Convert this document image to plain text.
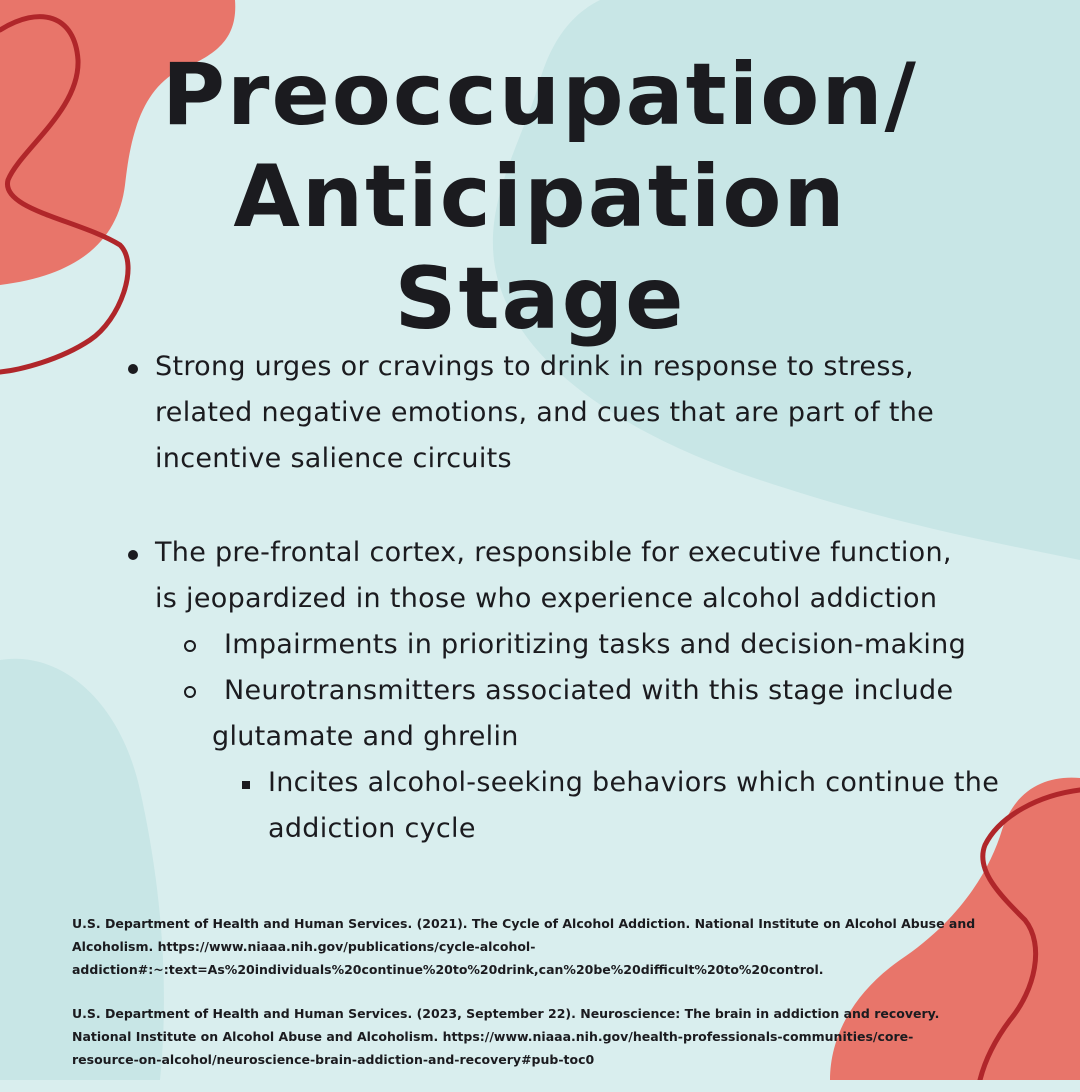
Preoccupation/
Anticipation
Stage
Strong urges or cravings to drink in response to stress,
related negative emotions, and cues that are part of the
incentive salience circuits
The pre-frontal cortex, responsible for executive function,
is jeopardized in those who experience alcohol addiction
Impairments in prioritizing tasks and decision-making
Neurotransmitters associated with this stage include
glutamate and ghrelin
Incites alcohol-seeking behaviors which continue the
addiction cycle

U.S. Department of Health and Human Services. (2021). The Cycle of Alcohol Addiction. National Institute on Alcohol Abuse and
Alcoholism. https://www.niaaa.nih.gov/publications/cycle-alcohol-
addiction#:~:text=As%20individuals%20continue%20to%20drink,can%20be%20difficult%20to%20control.

U.S. Department of Health and Human Services. (2023, September 22). Neuroscience: The brain in addiction and recovery.
National Institute on Alcohol Abuse and Alcoholism. https://www.niaaa.nih.gov/health-professionals-communities/core-
resource-on-alcohol/neuroscience-brain-addiction-and-recovery#pub-toc0
